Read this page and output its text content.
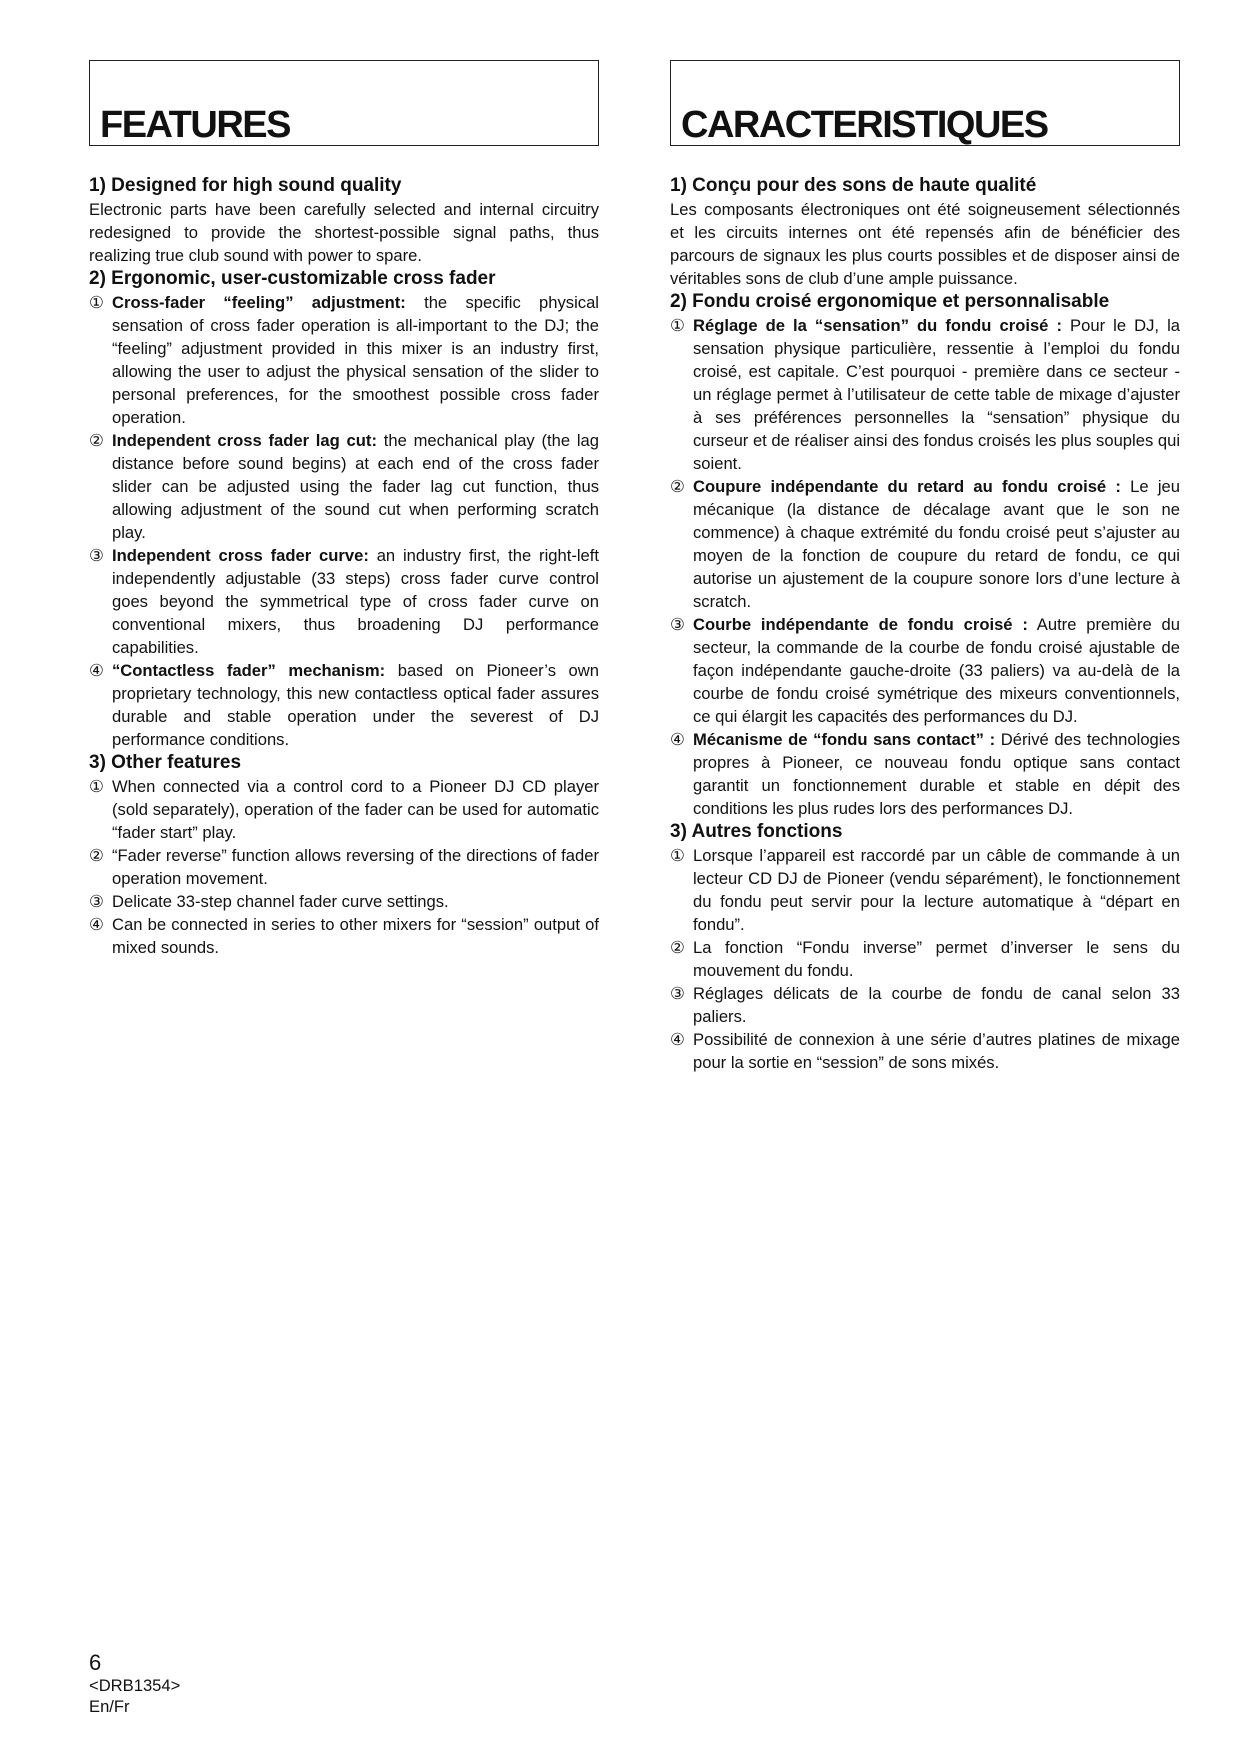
FEATURES

1) Designed for high sound quality

Electronic parts have been carefully selected and internal circuitry redesigned to provide the shortest-possible signal paths, thus realizing true club sound with power to spare.

2) Ergonomic, user-customizable cross fader

① Cross-fader “feeling” adjustment: the specific physical sensation of cross fader operation is all-important to the DJ; the “feeling” adjustment provided in this mixer is an industry first, allowing the user to adjust the physical sensation of the slider to personal preferences, for the smoothest possible cross fader operation.

② Independent cross fader lag cut: the mechanical play (the lag distance before sound begins) at each end of the cross fader slider can be adjusted using the fader lag cut function, thus allowing adjustment of the sound cut when performing scratch play.

③ Independent cross fader curve: an industry first, the right-left independently adjustable (33 steps) cross fader curve control goes beyond the symmetrical type of cross fader curve on conventional mixers, thus broadening DJ performance capabilities.

④ “Contactless fader” mechanism: based on Pioneer’s own proprietary technology, this new contactless optical fader assures durable and stable operation under the severest of DJ performance conditions.

3) Other features

① When connected via a control cord to a Pioneer DJ CD player (sold separately), operation of the fader can be used for automatic “fader start” play.

② “Fader reverse” function allows reversing of the directions of fader operation movement.

③ Delicate 33-step channel fader curve settings.

④ Can be connected in series to other mixers for “session” output of mixed sounds.

CARACTERISTIQUES

1) Conçu pour des sons de haute qualité

Les composants électroniques ont été soigneusement sélectionnés et les circuits internes ont été repensés afin de bénéficier des parcours de signaux les plus courts possibles et de disposer ainsi de véritables sons de club d’une ample puissance.

2) Fondu croisé ergonomique et personnalisable

① Réglage de la “sensation” du fondu croisé : Pour le DJ, la sensation physique particulière, ressentie à l’emploi du fondu croisé, est capitale. C’est pourquoi - première dans ce secteur - un réglage permet à l’utilisateur de cette table de mixage d’ajuster à ses préférences personnelles la “sensation” physique du curseur et de réaliser ainsi des fondus croisés les plus souples qui soient.

② Coupure indépendante du retard au fondu croisé : Le jeu mécanique (la distance de décalage avant que le son ne commence) à chaque extrémité du fondu croisé peut s’ajuster au moyen de la fonction de coupure du retard de fondu, ce qui autorise un ajustement de la coupure sonore lors d’une lecture à scratch.

③ Courbe indépendante de fondu croisé : Autre première du secteur, la commande de la courbe de fondu croisé ajustable de façon indépendante gauche-droite (33 paliers) va au-delà de la courbe de fondu croisé symétrique des mixeurs conventionnels, ce qui élargit les capacités des performances du DJ.

④ Mécanisme de “fondu sans contact” : Dérivé des technologies propres à Pioneer, ce nouveau fondu optique sans contact garantit un fonctionnement durable et stable en dépit des conditions les plus rudes lors des performances DJ.

3) Autres fonctions

① Lorsque l’appareil est raccordé par un câble de commande à un lecteur CD DJ de Pioneer (vendu séparément), le fonctionnement du fondu peut servir pour la lecture automatique à “départ en fondu”.

② La fonction “Fondu inverse” permet d’inverser le sens du mouvement du fondu.

③ Réglages délicats de la courbe de fondu de canal selon 33 paliers.

④ Possibilité de connexion à une série d’autres platines de mixage pour la sortie en “session” de sons mixés.

6
<DRB1354>
En/Fr
